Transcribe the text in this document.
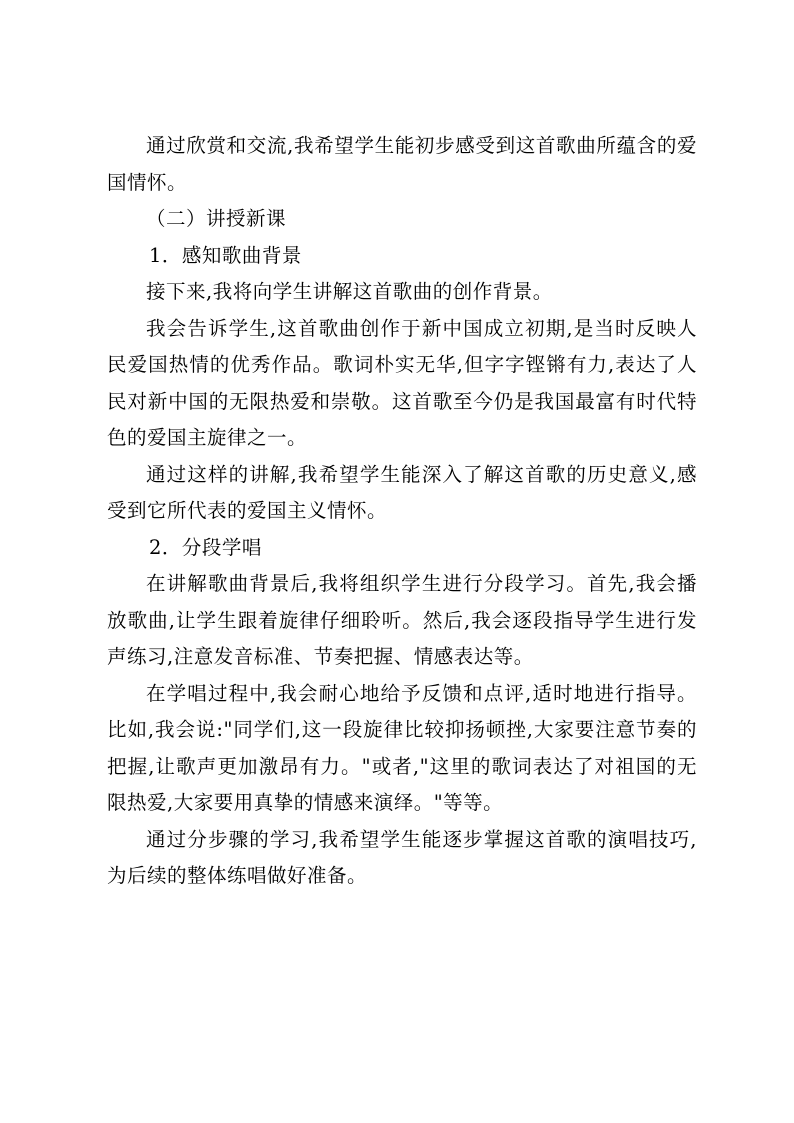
通过欣赏和交流,我希望学生能初步感受到这首歌曲所蕴含的爱国情怀。

（二）讲授新课

1．感知歌曲背景

接下来,我将向学生讲解这首歌曲的创作背景。

我会告诉学生,这首歌曲创作于新中国成立初期,是当时反映人民爱国热情的优秀作品。歌词朴实无华,但字字铿锵有力,表达了人民对新中国的无限热爱和崇敬。这首歌至今仍是我国最富有时代特色的爱国主旋律之一。

通过这样的讲解,我希望学生能深入了解这首歌的历史意义,感受到它所代表的爱国主义情怀。

2．分段学唱

在讲解歌曲背景后,我将组织学生进行分段学习。首先,我会播放歌曲,让学生跟着旋律仔细聆听。然后,我会逐段指导学生进行发声练习,注意发音标准、节奏把握、情感表达等。

在学唱过程中,我会耐心地给予反馈和点评,适时地进行指导。比如,我会说:"同学们,这一段旋律比较抑扬顿挫,大家要注意节奏的把握,让歌声更加激昂有力。"或者,"这里的歌词表达了对祖国的无限热爱,大家要用真挚的情感来演绎。"等等。

通过分步骤的学习,我希望学生能逐步掌握这首歌的演唱技巧,为后续的整体练唱做好准备。
